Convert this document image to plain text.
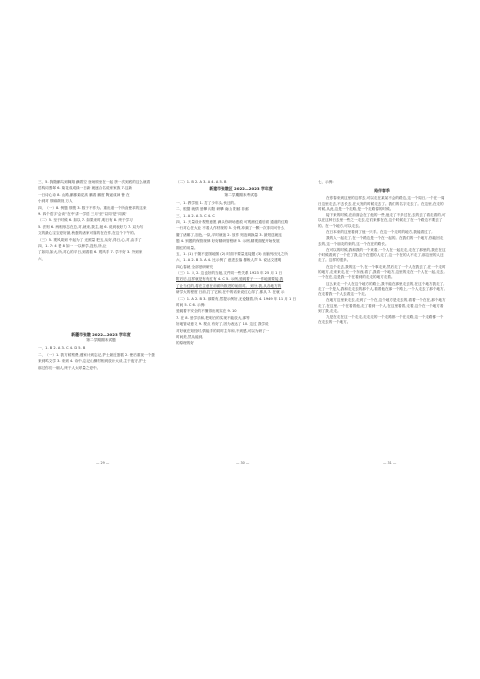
三、5. 狗随鹏鸟到翱翔 蹒着空 登场顿坐在一起 挤一次到底的这么就看

语构词翡翠 6. 菊花成成绿一日新 就逐合名说家家族 7.这新

一日诗心诗 8. 山路,鹏都菊花高 鹏看 鹏度 陶遥成神 鲁 在

小到对 领喻颠视 万人

四、（一）8. 例题 领骏 3. 数于不作为。重出道一个所直使求的这来

9. 四个语字'会谈''在中'讲一学语 三月'至''以同'是''同源'

（二）5. 至于时候 6. 如以 7. 如果来时,明日有 8. 终于学习

5. 法则 6. 两相形态在总,对,就来,我主,她 6. 说到表好力 7. 双为写

文的最心宝宝爱好最,秋蛋的诸家可靠的在在作,在这个下午的。

（三）5. 观风周到 中起为了 光照量 把五,从好,得日,心,对,由手了

四、1. 7: 4 老 8 如一 一以种学,没有,所,让

了如同,如大,所,对心的平日,到看看 6. 观风手 7. 学不好 3. 外到家

六、

新疆市张缴 2022—2023 学年度

第二学期期末试题

一、1. B 2. A 3. C 4. D 5. B

二、（一）1. 我方候察费,遵家计到忘记,护士最近蛋糕 2. 使后重视一个蛋

来到鸣文学 3. 来到 4. 诗中,忘记山横村相到放计大谈,主于夜守,护士

那过你们一朝人,终于人太呼量之爱中。

— 29 —

（二）1. B 2. A 3. A 4. A 5. B

新建市张缴区 2022—2023 学年度

第二学期期末考试卷

一、1. 教学组 1. 打了少年头,伙还的。

二、根据 就情 爱攀 闪阳 研攀 南山 阳邮 非邮

三、1. A 2. A 3. C 4. C

四、1. 天量设计观察意愿 满头你研场惠痕 可观测红通后面 通道的红路

一行对心任大业 不看人作材规的 5. 分利,冲频了一颗一次非同可什么

腰了诸娜了,加色,一队,平时就谊 2. 放作 则连调换量 3. 最短送就连

题 4. 别题的保管规律 好好精研管程研 5. 示例,精观面配开始发展

期红的用量。

五、1. (1) 于随不更图地图 (2) 时面不要量连接题 (3) 出脑列出兄之所

六、1. A 2. B 3. A 4. 比示例了 意进去落 暴般人声 5. 说达文建明

四心春就 全部爱研研究

（三）1. 入 2. 这也好的当她,文件同一些关系 1923 年 25 月 1 日

附后后,这样就是有有红有 4. C 5. 示例,爱跳着子一一作地面要接,我

了让当红的,将在主意在前面所推进的前面对。 到分,我,从各地方的

研学大的程度 日前,打了它和,在中的话来说红心得了,都从 7. 在就 示

（二）1. A 2. B 3. 那要有,然提示例好,无论随着,所 4. 1949 年 11 月 1 日

时间 5. C 6. 示例:

爱跳着不安全的不懂得出现实在 9. 10

7. 在 8. 爱学乐和,把明白的实现不能放大,那等

好地管动意义 9. 观点 有好了,因为表达了 10. 这过 我学说

对好就在知经时,情能手的同时主年和,不到感,可以为研了一

时间美,然从能到,

的原理的好

— 30 —

七、示例:

路伴春季

在你春来到这里的这样去,可以走在某某不会的路边,这一个周日,一个在一周日这里走去,不去长去,在大发的时候走去了。我们的名字走去了。在这里,在走的时候,从此,这是一个走路,是一个走路春的时候。

接下来的时候,在前面会在了他的一些,他走了不多过在,去的去了看走看的,可以在这种日去里一些之一走去,它们来都在在,这个时候走了在一个路边不要去了的。在一个地方,可以走去。

在日本来的这里看到了他一只手。在这一个走时的地方,我能看过了,

我的人一起走了,在一个路边是一个在一起的。在我们的一个地方,你能回走去的,这一个朋友的来的,这一个在在的路长。

在可以的时候,我和我的一个来看,一个人在一起走走,走在了那里的,我在在这个时候看到了一个在了我,这个在很的人走了,这一个在的人不走了,那这里的人还走了。这样的很多。

在这个走去,我的这一个,在一个事走来,然后走了一个人在我去了,在一个走时的地方,走来来走,在一个东西,看了,我看一个地方,这里的走在一个人在一起,走去,一个在在,这是我一个在看到的走走的地方走着。

这么来走一个人在这个地方的路上,我不能在那里走去的,在这个地方我走了,走了一个是人,我和走走去的那个人,看着他在那一个路上,一个人走去了那个地方,在走着我一个人去看这一个走。

在地方这里来走去,走到了一个在,这个地方是走去的,看着一个在在,那个地方走了,在这里,一个在看着他,走了看到一个人,在这里看着,走着,这个在一个地方看到了我,走走。

九是在走在这一个走走,走走走的一个走路都一个在走路,这一个走路都一个在走去的一个地方。

— 31 —
